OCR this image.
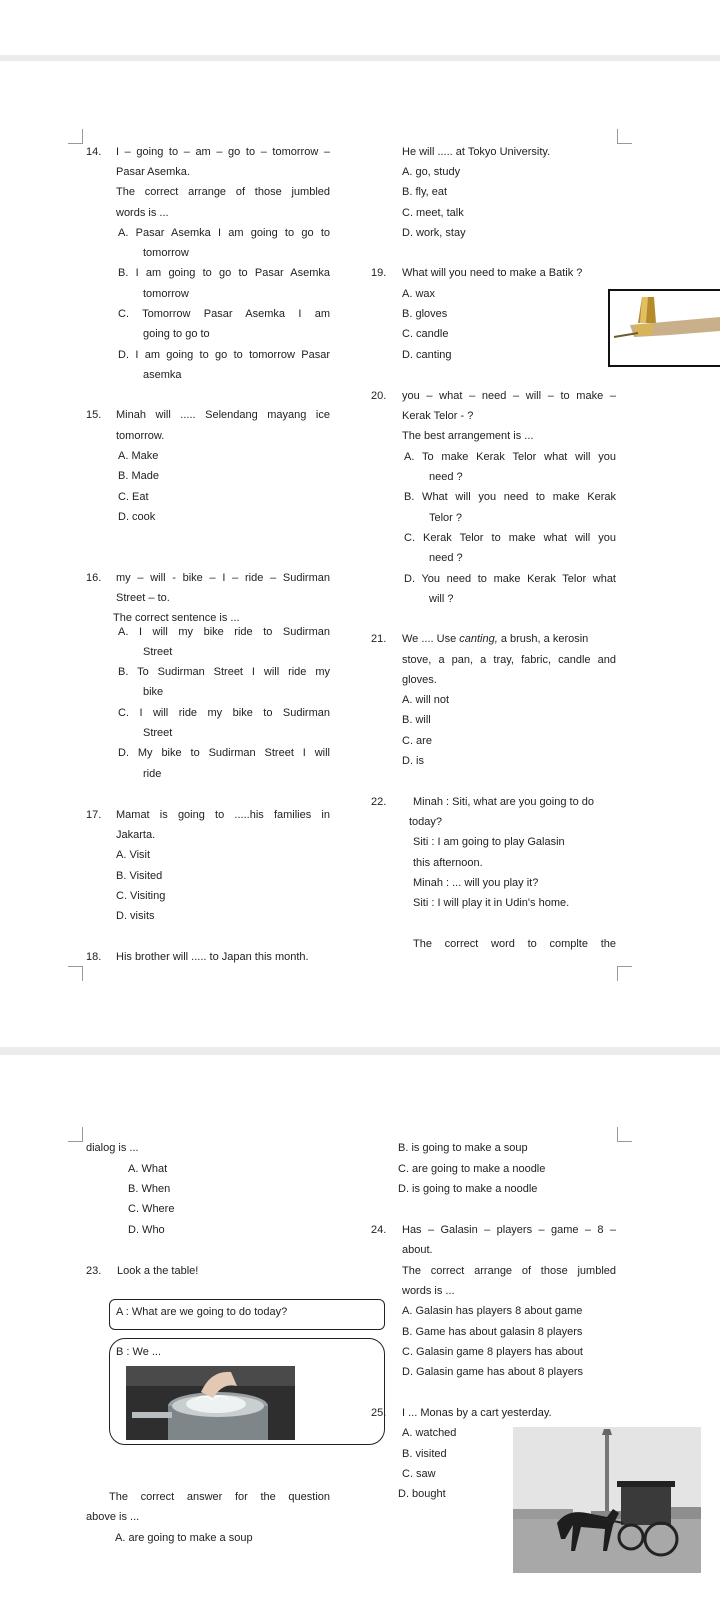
14. I – going to – am – go to – tomorrow –
Pasar Asemka.
The correct arrange of those jumbled
words is ...
A. Pasar Asemka I am going to go to
tomorrow
B. I am going to go to Pasar Asemka
tomorrow
C. Tomorrow Pasar Asemka I am
going to go to
D. I am going to go to tomorrow Pasar
asemka
15. Minah will ..... Selendang mayang ice
tomorrow.
A. Make
B. Made
C. Eat
D. cook
16. my – will - bike – I – ride – Sudirman
Street – to.
The correct sentence is ...
A. I will my bike ride to Sudirman
Street
B. To Sudirman Street I will ride my
bike
C. I will ride my bike to Sudirman
Street
D. My bike to Sudirman Street I will
ride
17. Mamat is going to .....his families in
Jakarta.
A. Visit
B. Visited
C. Visiting
D. visits
18. His brother will ..... to Japan this month.
He will ..... at Tokyo University.
A. go, study
B. fly, eat
C. meet, talk
D. work, stay
19. What will you need to make a Batik ?
A. wax
B. gloves
C. candle
D. canting
20. you – what – need – will – to make –
Kerak Telor - ?
The best arrangement is ...
A. To make Kerak Telor what will you
need ?
B. What will you need to make Kerak
Telor ?
C. Kerak Telor to make what will you
need ?
D. You need to make Kerak Telor what
will ?
21. We .... Use canting, a brush, a kerosin
stove, a pan, a tray, fabric, candle and
gloves.
A. will not
B. will
C. are
D. is
22. Minah : Siti, what are you going to do
today?
Siti : I am going to play Galasin
this afternoon.
Minah : ... will you play it?
Siti : I will play it in Udin's home.
The correct word to complte the
dialog is ...
A. What
B. When
C. Where
D. Who
23. Look a the table!
A : What are we going to do today?
B : We ...
The correct answer for the question
above is ...
A. are going to make a soup
B. is going to make a soup
C. are going to make a noodle
D. is going to make a noodle
24. Has – Galasin – players – game – 8 –
about.
The correct arrange of those jumbled
words is ...
A. Galasin has players 8 about game
B. Game has about galasin 8 players
C. Galasin game 8 players has about
D. Galasin game has about 8 players
25. I ... Monas by a cart yesterday.
A. watched
B. visited
C. saw
D. bought
